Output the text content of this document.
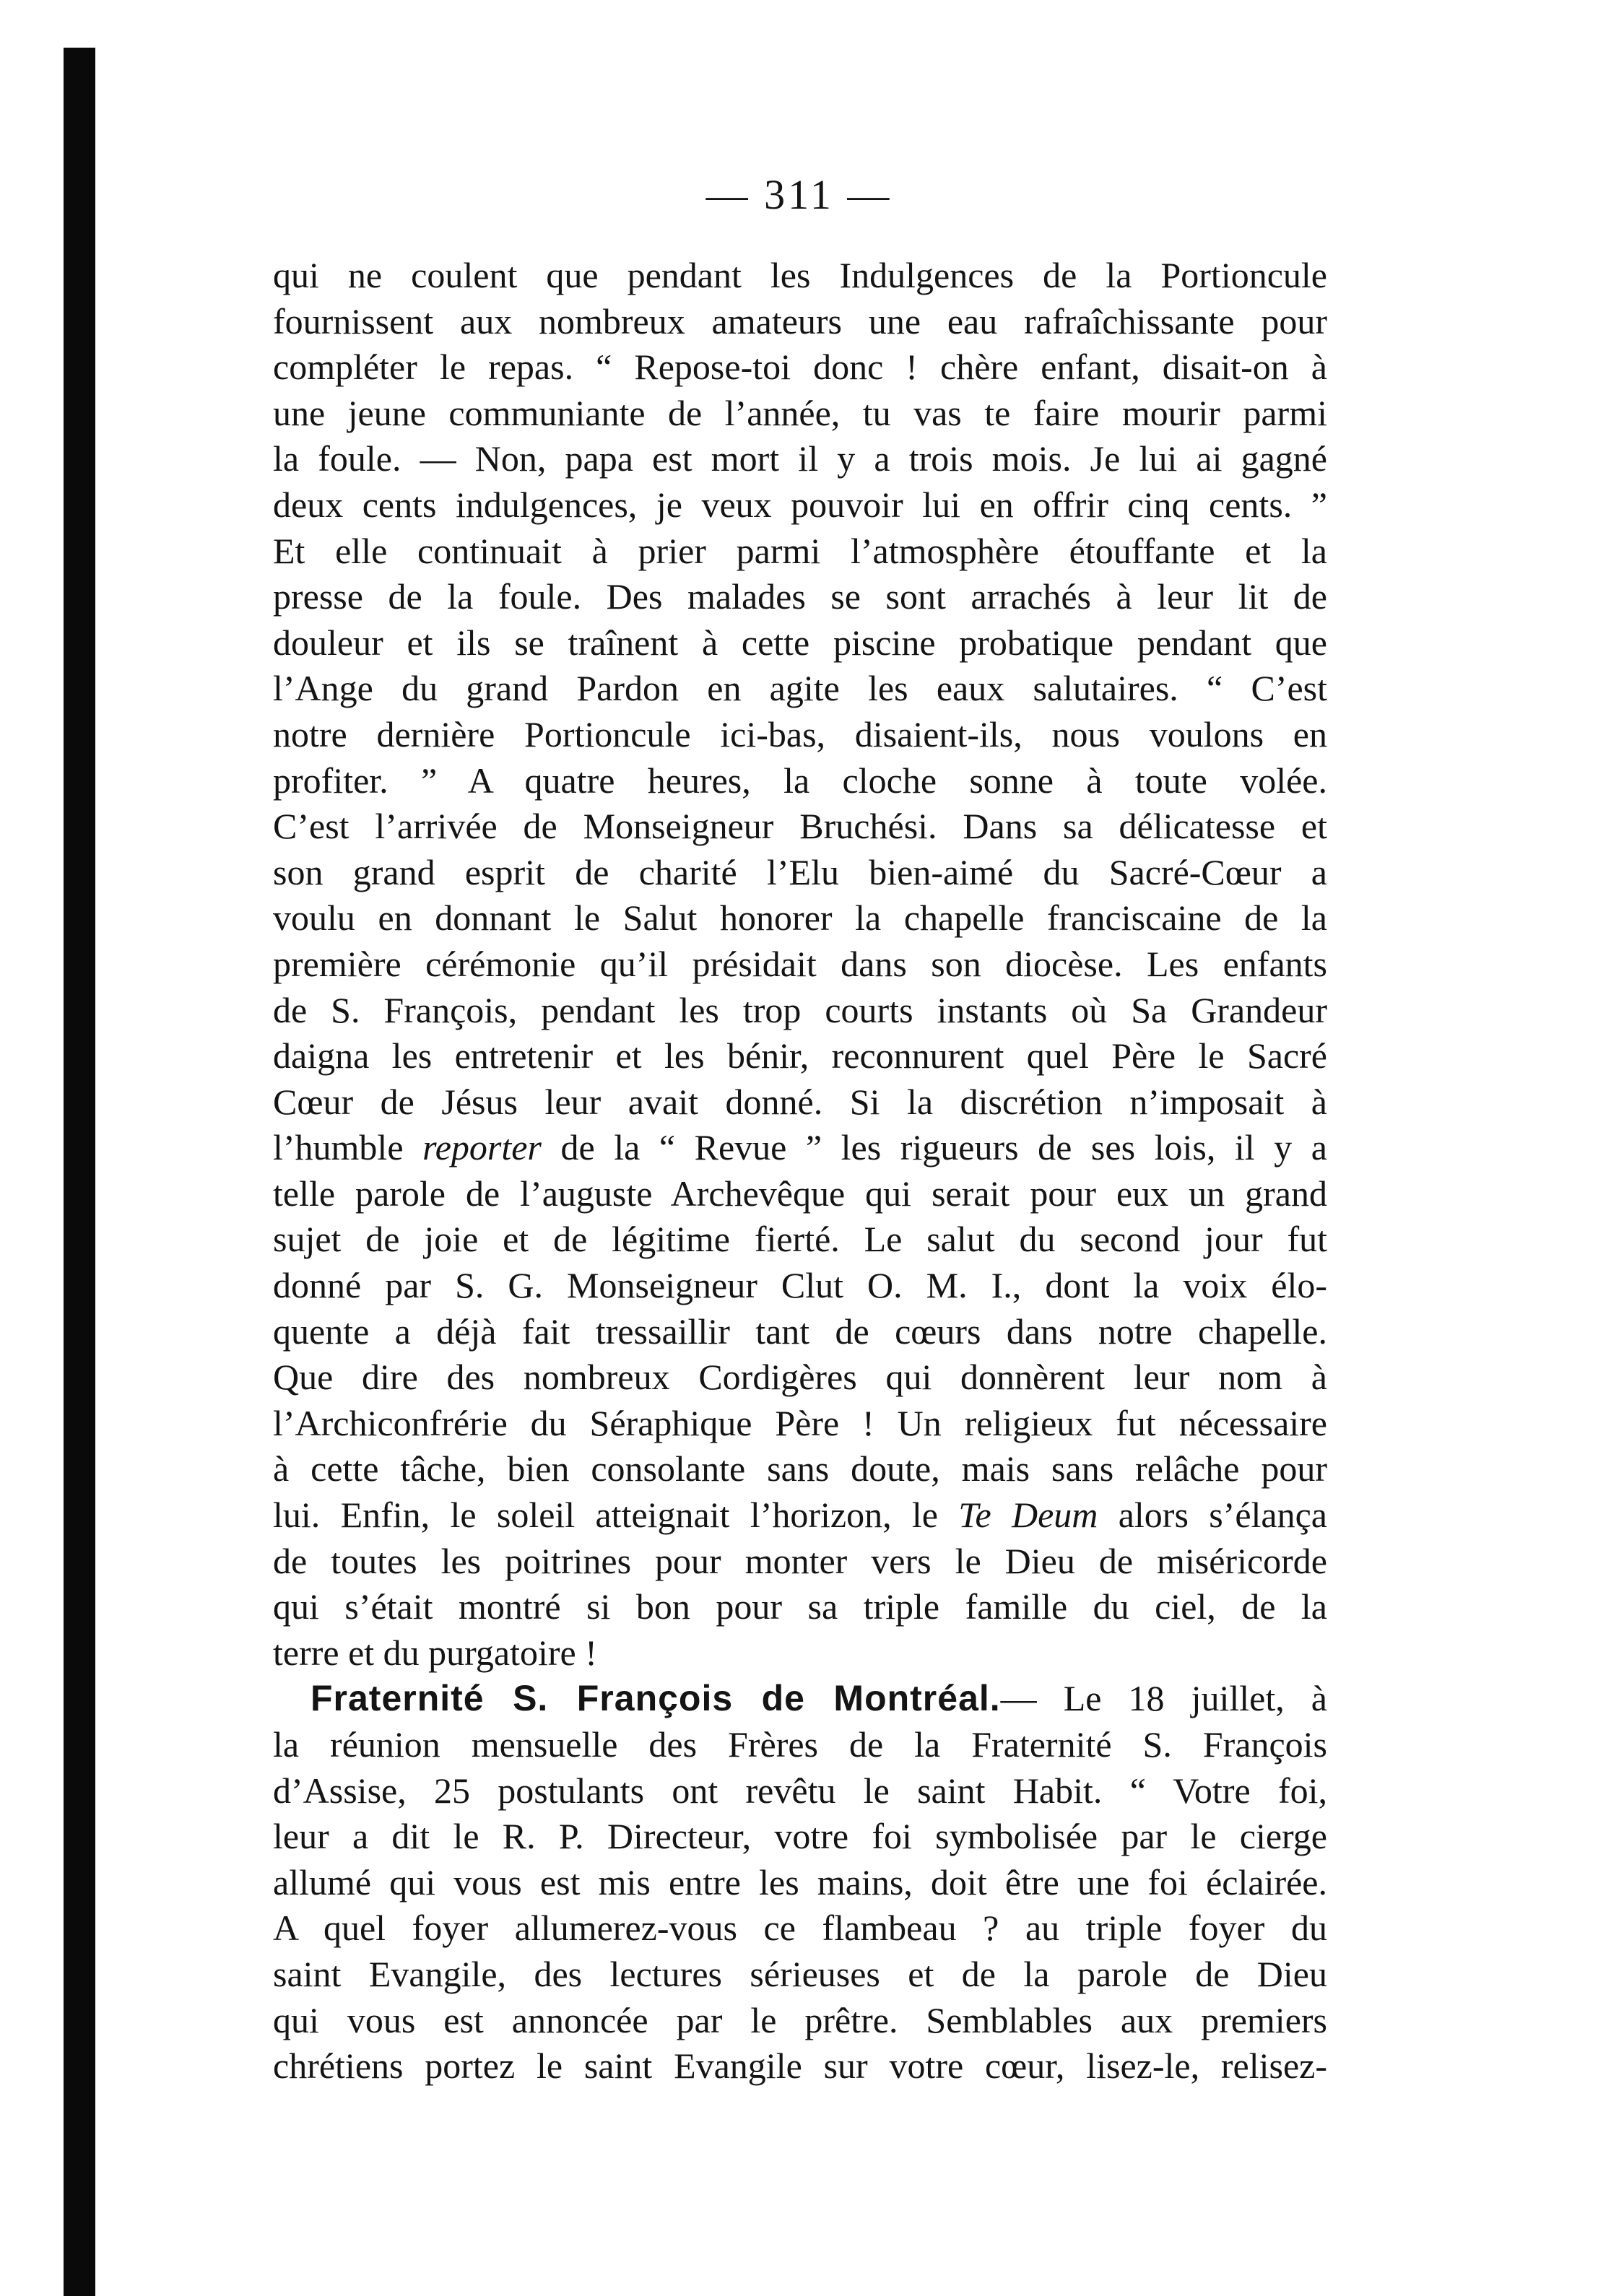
— 311 —
qui ne coulent que pendant les Indulgences de la Portioncule
fournissent aux nombreux amateurs une eau rafraîchissante pour
compléter le repas. “ Repose-toi donc ! chère enfant, disait-on à
une jeune communiante de l’année, tu vas te faire mourir parmi
la foule. — Non, papa est mort il y a trois mois. Je lui ai gagné
deux cents indulgences, je veux pouvoir lui en offrir cinq cents. ”
Et elle continuait à prier parmi l’atmosphère étouffante et la
presse de la foule. Des malades se sont arrachés à leur lit de
douleur et ils se traînent à cette piscine probatique pendant que
l’Ange du grand Pardon en agite les eaux salutaires. “ C’est
notre dernière Portioncule ici-bas, disaient-ils, nous voulons en
profiter. ” A quatre heures, la cloche sonne à toute volée.
C’est l’arrivée de Monseigneur Bruchési. Dans sa délicatesse et
son grand esprit de charité l’Elu bien-aimé du Sacré-Cœur a
voulu en donnant le Salut honorer la chapelle franciscaine de la
première cérémonie qu’il présidait dans son diocèse. Les enfants
de S. François, pendant les trop courts instants où Sa Grandeur
daigna les entretenir et les bénir, reconnurent quel Père le Sacré
Cœur de Jésus leur avait donné. Si la discrétion n’imposait à
l’humble reporter de la “ Revue ” les rigueurs de ses lois, il y a
telle parole de l’auguste Archevêque qui serait pour eux un grand
sujet de joie et de légitime fierté. Le salut du second jour fut
donné par S. G. Monseigneur Clut O. M. I., dont la voix élo-
quente a déjà fait tressaillir tant de cœurs dans notre chapelle.
Que dire des nombreux Cordigères qui donnèrent leur nom à
l’Archiconfrérie du Séraphique Père ! Un religieux fut nécessaire
à cette tâche, bien consolante sans doute, mais sans relâche pour
lui. Enfin, le soleil atteignait l’horizon, le Te Deum alors s’élança
de toutes les poitrines pour monter vers le Dieu de miséricorde
qui s’était montré si bon pour sa triple famille du ciel, de la
terre et du purgatoire !
Fraternité S. François de Montréal.— Le 18 juillet, à
la réunion mensuelle des Frères de la Fraternité S. François
d’Assise, 25 postulants ont revêtu le saint Habit. “ Votre foi,
leur a dit le R. P. Directeur, votre foi symbolisée par le cierge
allumé qui vous est mis entre les mains, doit être une foi éclairée.
A quel foyer allumerez-vous ce flambeau ? au triple foyer du
saint Evangile, des lectures sérieuses et de la parole de Dieu
qui vous est annoncée par le prêtre. Semblables aux premiers
chrétiens portez le saint Evangile sur votre cœur, lisez-le, relisez-
